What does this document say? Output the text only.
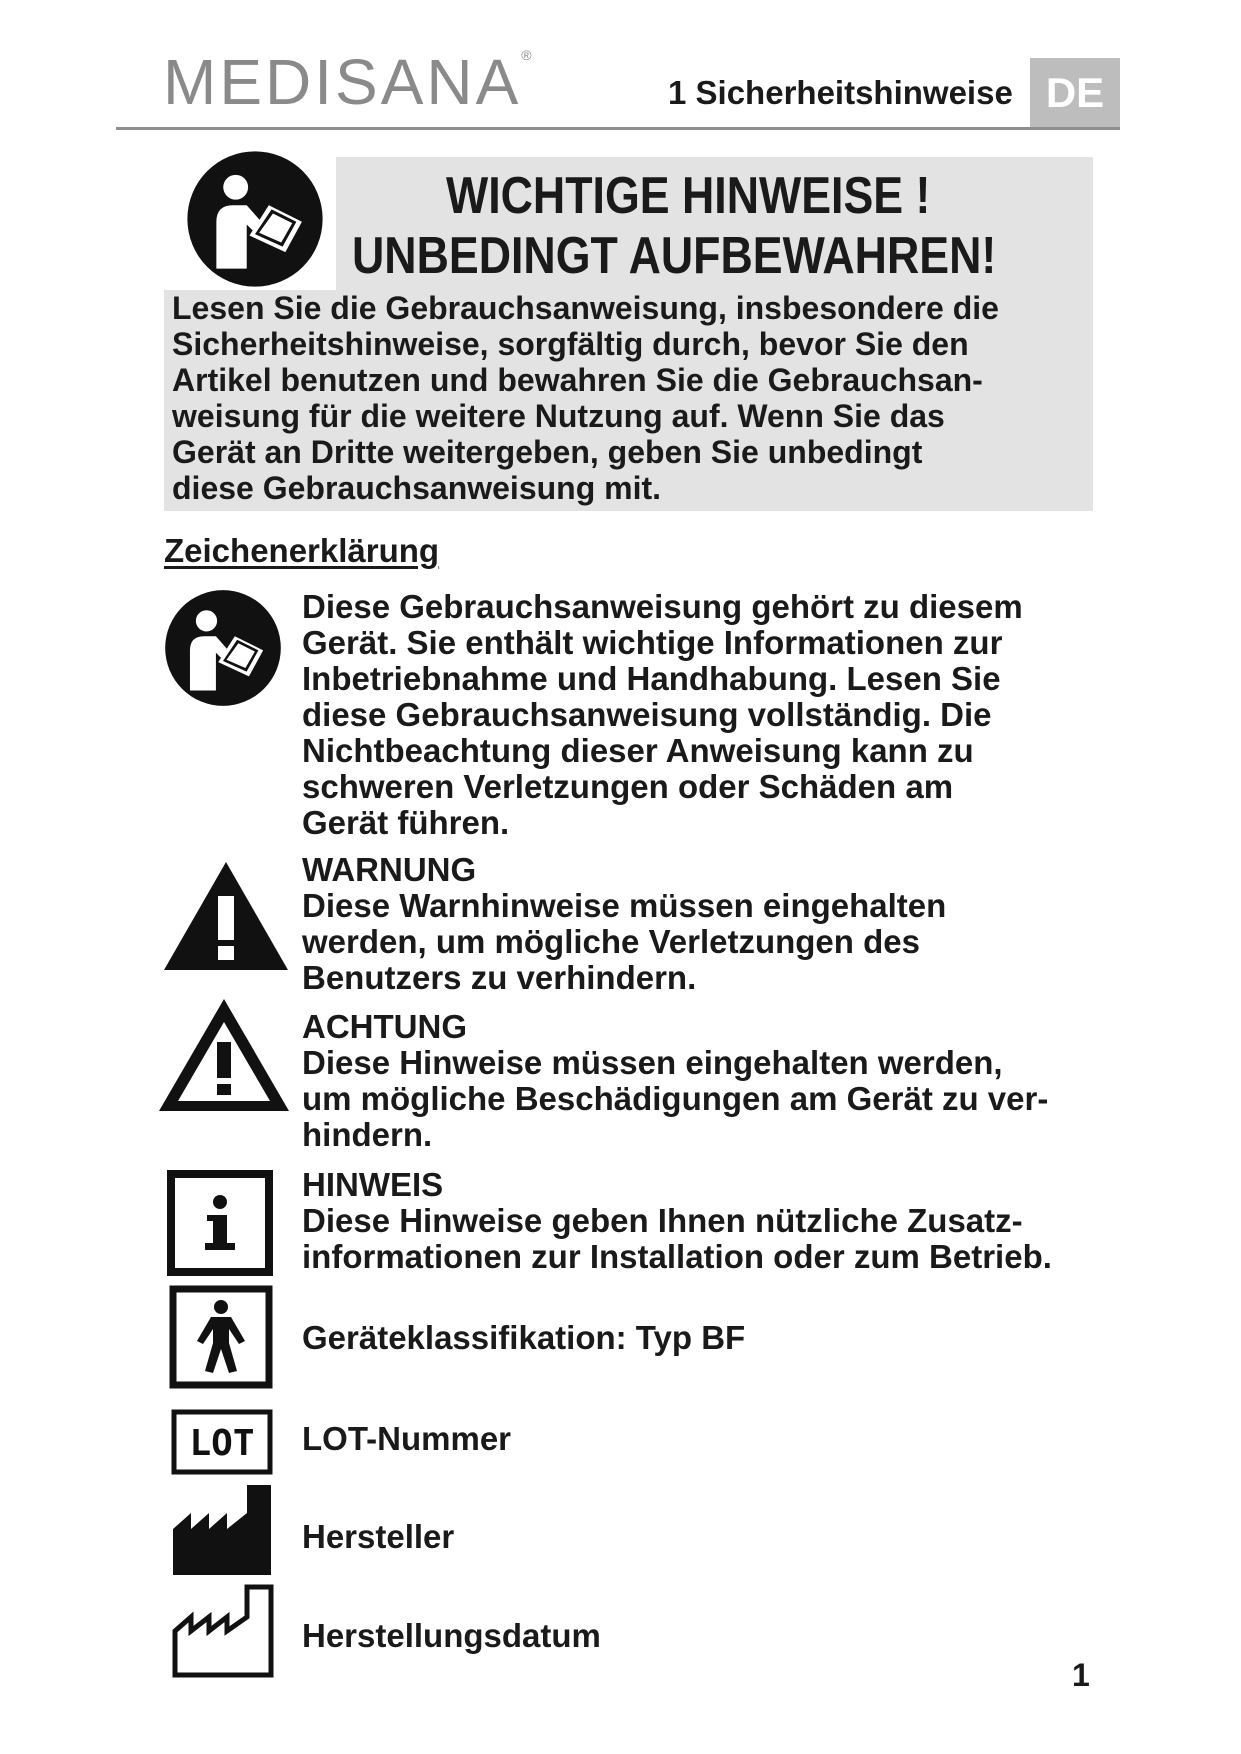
MEDISANA®
1 Sicherheitshinweise DE
WICHTIGE HINWEISE !
UNBEDINGT AUFBEWAHREN!
Lesen Sie die Gebrauchsanweisung, insbesondere die
Sicherheitshinweise, sorgfältig durch, bevor Sie den
Artikel benutzen und bewahren Sie die Gebrauchsan-
weisung für die weitere Nutzung auf. Wenn Sie das
Gerät an Dritte weitergeben, geben Sie unbedingt
diese Gebrauchsanweisung mit.
Zeichenerklärung
Diese Gebrauchsanweisung gehört zu diesem
Gerät. Sie enthält wichtige Informationen zur
Inbetriebnahme und Handhabung. Lesen Sie
diese Gebrauchsanweisung vollständig. Die
Nichtbeachtung dieser Anweisung kann zu
schweren Verletzungen oder Schäden am
Gerät führen.
WARNUNG
Diese Warnhinweise müssen eingehalten
werden, um mögliche Verletzungen des
Benutzers zu verhindern.
ACHTUNG
Diese Hinweise müssen eingehalten werden,
um mögliche Beschädigungen am Gerät zu ver-
hindern.
HINWEIS
Diese Hinweise geben Ihnen nützliche Zusatz-
informationen zur Installation oder zum Betrieb.
Geräteklassifikation: Typ BF
LOT LOT-Nummer
Hersteller
Herstellungsdatum
1
